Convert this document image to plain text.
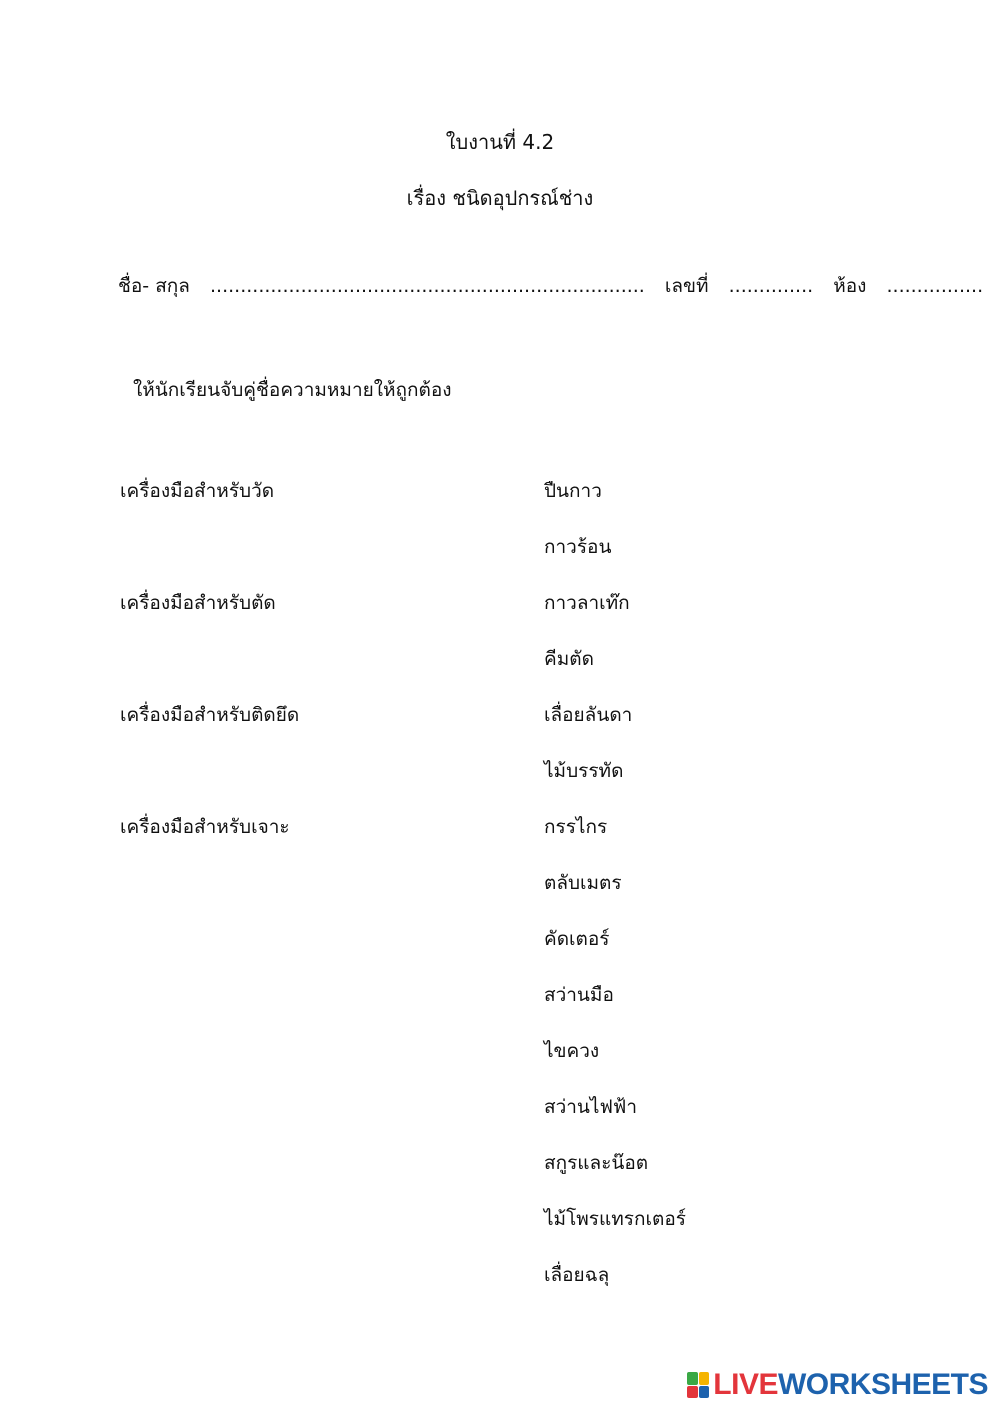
ใบงานที่ 4.2
เรื่อง ชนิดอุปกรณ์ช่าง
ชื่อ- สกุล ........................................................................ เลขที่ .............. ห้อง ................
ให้นักเรียนจับคู่ชื่อความหมายให้ถูกต้อง
เครื่องมือสำหรับวัด
เครื่องมือสำหรับตัด
เครื่องมือสำหรับติดยึด
เครื่องมือสำหรับเจาะ
ปืนกาว
กาวร้อน
กาวลาเท๊ก
คีมตัด
เลื่อยลันดา
ไม้บรรทัด
กรรไกร
ตลับเมตร
คัดเตอร์
สว่านมือ
ไขควง
สว่านไฟฟ้า
สกูรและน๊อต
ไม้โพรแทรกเตอร์
เลื่อยฉลุ
LIVE WORKSHEETS
